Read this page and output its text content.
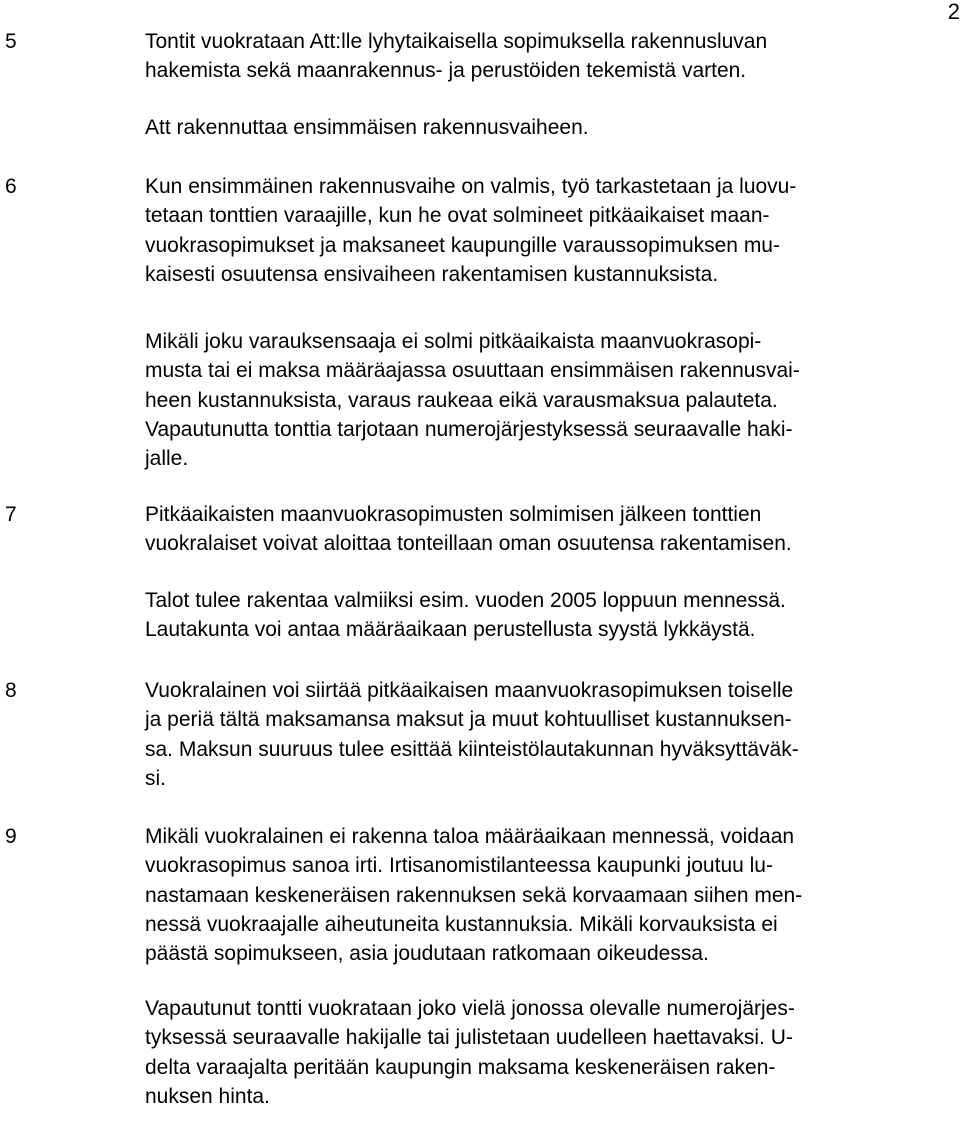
2
5	Tontit vuokrataan Att:lle lyhytaikaisella sopimuksella rakennusluvan
hakemista sekä maanrakennus- ja perustöiden tekemistä varten.
Att rakennuttaa ensimmäisen rakennusvaiheen.
6	Kun ensimmäinen rakennusvaihe on valmis, työ tarkastetaan ja luovu-
tetaan tonttien varaajille, kun he ovat solmineet pitkäaikaiset maan-
vuokrasopimukset ja maksaneet kaupungille varaussopimuksen mu-
kaisesti osuutensa ensivaiheen rakentamisen kustannuksista.
Mikäli joku varauksensaaja ei solmi pitkäaikaista maanvuokrasopi-
musta tai ei maksa määräajassa osuuttaan ensimmäisen rakennusvai-
heen kustannuksista, varaus raukeaa eikä varausmaksua palauteta.
Vapautunutta tonttia tarjotaan numerojärjestyksessä seuraavalle haki-
jalle.
7	Pitkäaikaisten maanvuokrasopimusten solmimisen jälkeen tonttien
vuokralaiset voivat aloittaa tonteillaan oman osuutensa rakentamisen.
Talot tulee rakentaa valmiiksi esim. vuoden 2005 loppuun mennessä.
Lautakunta voi antaa määräaikaan perustellusta syystä lykkäystä.
8	Vuokralainen voi siirtää pitkäaikaisen maanvuokrasopimuksen toiselle
ja periä tältä maksamansa maksut ja muut kohtuulliset kustannuksen-
sa. Maksun suuruus tulee esittää kiinteistölautakunnan hyväksyttäväk-
si.
9	Mikäli vuokralainen ei rakenna taloa määräaikaan mennessä, voidaan
vuokrasopimus sanoa irti. Irtisanomistilanteessa kaupunki joutuu lu-
nastamaan keskeneräisen rakennuksen sekä korvaamaan siihen men-
nessä vuokraajalle aiheutuneita kustannuksia. Mikäli korvauksista ei
päästä sopimukseen, asia joudutaan ratkomaan oikeudessa.
Vapautunut tontti vuokrataan joko vielä jonossa olevalle numerojärjes-
tyksessä seuraavalle hakijalle tai julistetaan uudelleen haettavaksi. U-
delta varaajalta peritään kaupungin maksama keskeneräisen raken-
nuksen hinta.
